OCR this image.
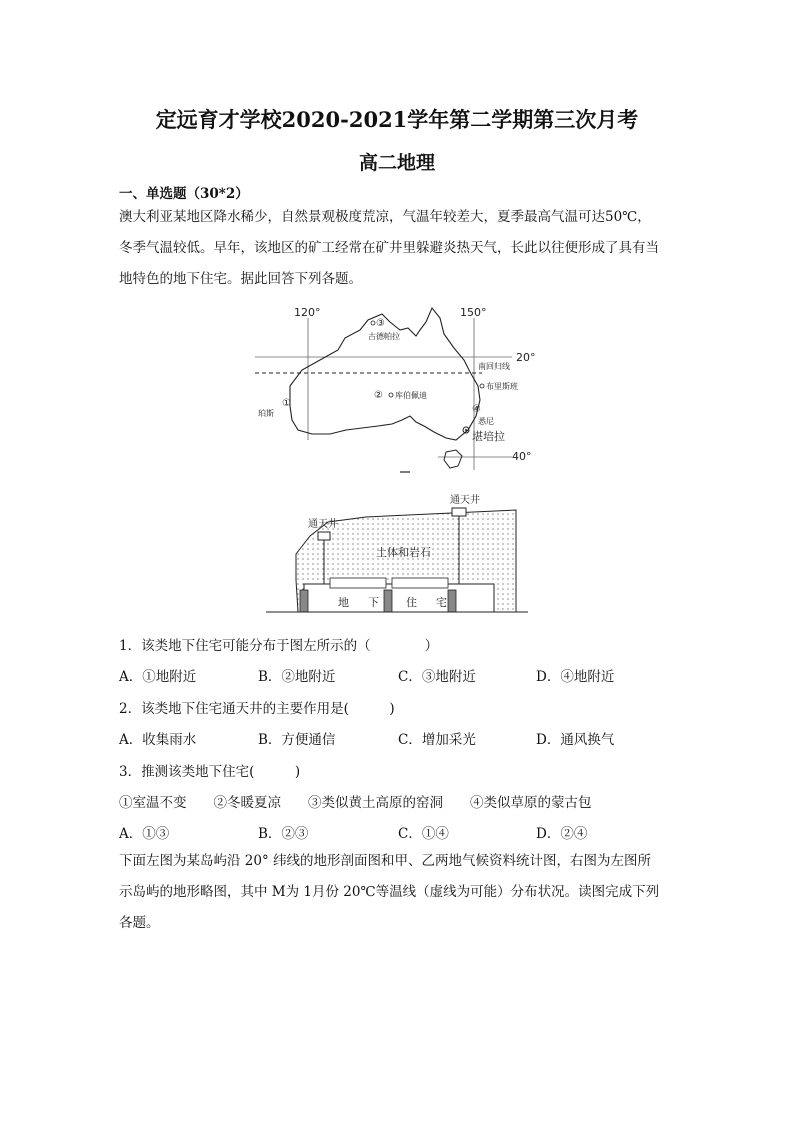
定远育才学校2020-2021学年第二学期第三次月考
高二地理
一、单选题（30*2）
澳大利亚某地区降水稀少，自然景观极度荒凉，气温年较差大，夏季最高气温可达50℃，
冬季气温较低。早年，该地区的矿工经常在矿井里躲避炎热天气，长此以往便形成了具有当
地特色的地下住宅。据此回答下列各题。
120°	150°
20°
40°
③
古德帕拉
② 库伯佩迪
①
珀斯
南回归线
布里斯班
④
悉尼
堪培拉
通天井
通天井
土体和岩石
地 下 住 宅
1．该类地下住宅可能分布于图左所示的（　　　　）
A．①地附近	B．②地附近	C．③地附近	D．④地附近
2．该类地下住宅通天井的主要作用是(　　　)
A．收集雨水	B．方便通信	C．增加采光	D．通风换气
3．推测该类地下住宅(　　　)
①室温不变　　②冬暖夏凉　　③类似黄土高原的窑洞　　④类似草原的蒙古包
A．①③	B．②③	C．①④	D．②④
下面左图为某岛屿沿 20° 纬线的地形剖面图和甲、乙两地气候资料统计图，右图为左图所
示岛屿的地形略图，其中 M为 1月份 20℃等温线（虚线为可能）分布状况。读图完成下列
各题。
